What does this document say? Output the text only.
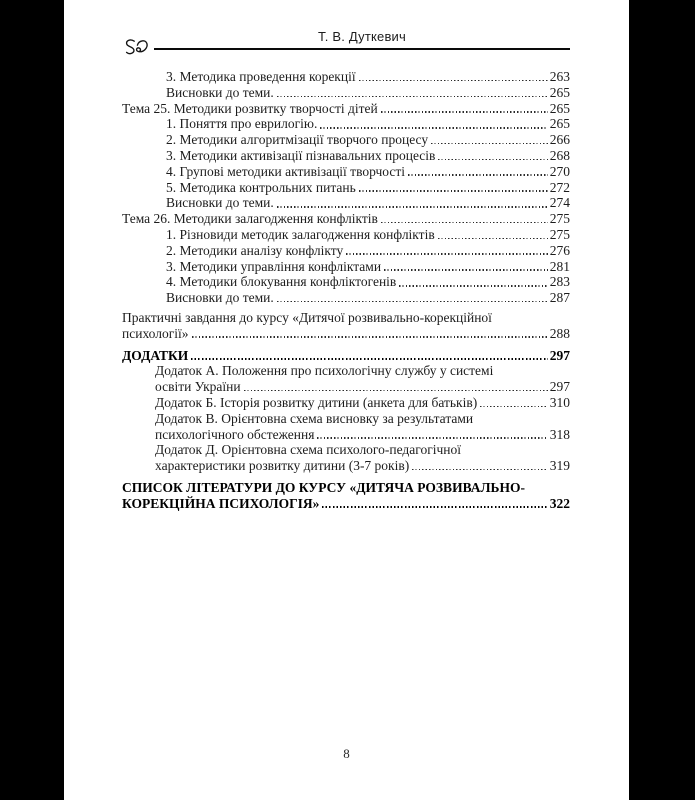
Т. В. Дуткевич
3. Методика проведення корекції	263
Висновки до теми.	265
Тема 25. Методики розвитку творчості дітей	265
1. Поняття про еврилогію.	265
2. Методики алгоритмізації творчого процесу	266
3. Методики активізації пізнавальних процесів	268
4. Групові методики активізації творчості	270
5. Методика контрольних питань	272
Висновки до теми.	274
Тема 26. Методики залагодження конфліктів	275
1. Різновиди методик залагодження конфліктів	275
2. Методики аналізу конфлікту	276
3. Методики управління конфліктами	281
4. Методики блокування конфліктогенів	283
Висновки до теми.	287
Практичні завдання до курсу «Дитячої розвивально-корекційної
психології»	288
ДОДАТКИ	297
Додаток А. Положення про психологічну службу у системі
освіти України	297
Додаток Б. Історія розвитку дитини (анкета для батьків)	310
Додаток В. Орієнтовна схема висновку за результатами
психологічного обстеження	318
Додаток Д. Орієнтовна схема психолого-педагогічної
характеристики розвитку дитини (3-7 років)	319
СПИСОК ЛІТЕРАТУРИ ДО КУРСУ «ДИТЯЧА РОЗВИВАЛЬНО-
КОРЕКЦІЙНА ПСИХОЛОГІЯ»	322
8
